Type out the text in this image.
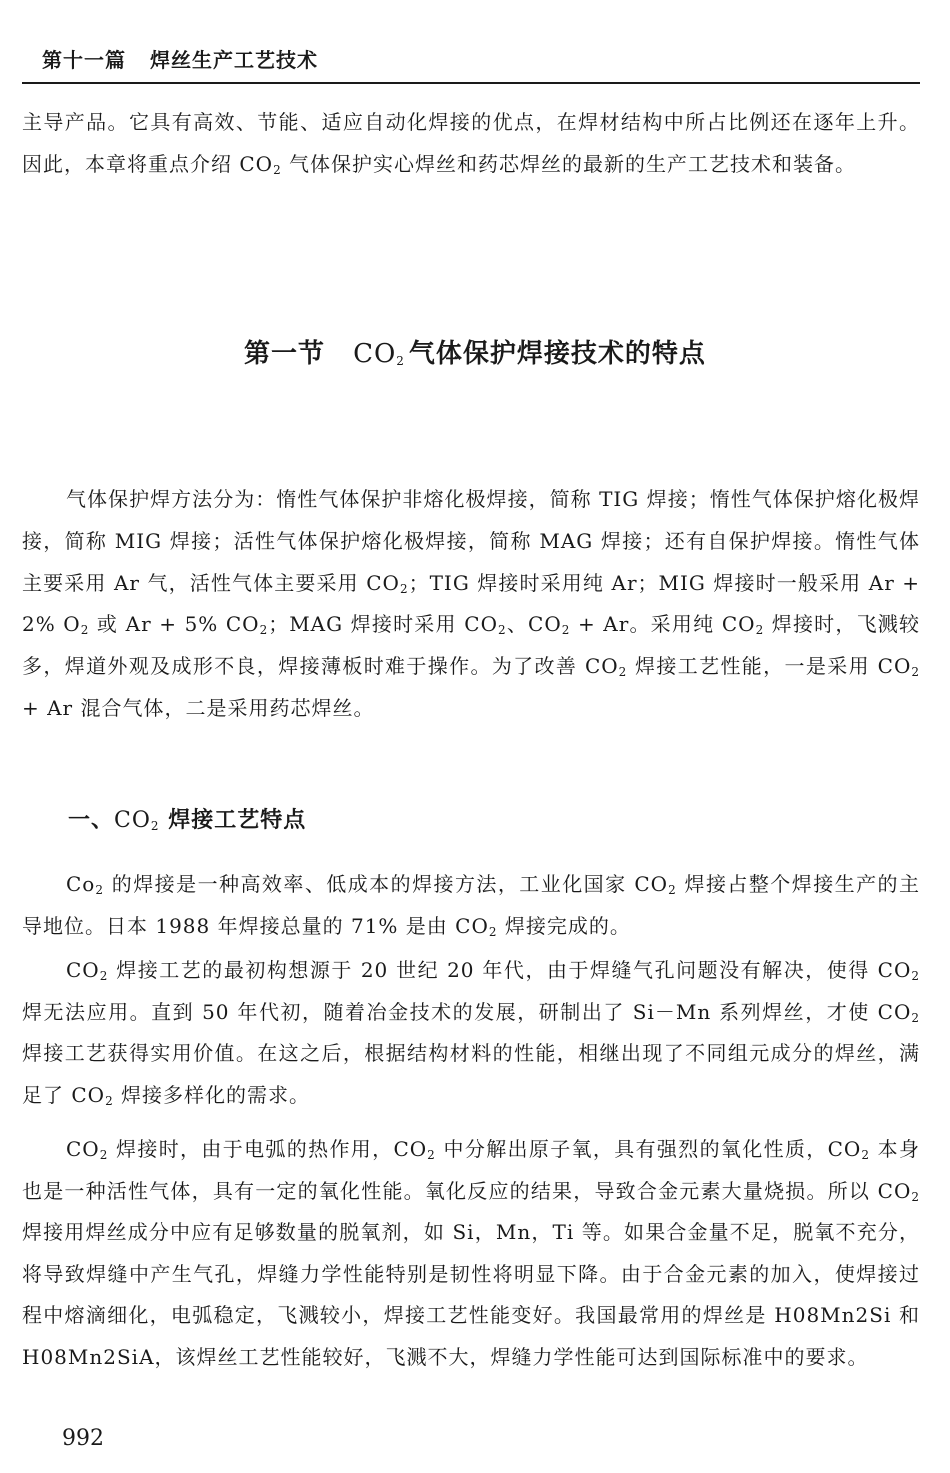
第十一篇 焊丝生产工艺技术

主导产品。它具有高效、节能、适应自动化焊接的优点，在焊材结构中所占比例还在逐年上升。因此，本章将重点介绍 $CO_2$ 气体保护实心焊丝和药芯焊丝的最新的生产工艺技术和装备。

第一节 $CO_2$ 气体保护焊接技术的特点

气体保护焊方法分为：惰性气体保护非熔化极焊接，简称 TIG 焊接；惰性气体保护熔化极焊接，简称 MIG 焊接；活性气体保护熔化极焊接，简称 MAG 焊接；还有自保护焊接。惰性气体主要采用 Ar 气，活性气体主要采用 $CO_2$；TIG 焊接时采用纯 Ar；MIG 焊接时一般采用 Ar + 2% $O_2$ 或 Ar + 5% $CO_2$；MAG 焊接时采用 $CO_2$、$CO_2 + Ar$。采用纯 $CO_2$ 焊接时，飞溅较多，焊道外观及成形不良，焊接薄板时难于操作。为了改善 $CO_2$ 焊接工艺性能，一是采用 $CO_2 + Ar$ 混合气体，二是采用药芯焊丝。

一、$CO_2$ 焊接工艺特点

$Co_2$ 的焊接是一种高效率、低成本的焊接方法，工业化国家 $CO_2$ 焊接占整个焊接生产的主导地位。日本 1988 年焊接总量的 71% 是由 $CO_2$ 焊接完成的。

$CO_2$ 焊接工艺的最初构想源于 20 世纪 20 年代，由于焊缝气孔问题没有解决，使得 $CO_2$ 焊无法应用。直到 50 年代初，随着冶金技术的发展，研制出了 Si－Mn 系列焊丝，才使 $CO_2$ 焊接工艺获得实用价值。在这之后，根据结构材料的性能，相继出现了不同组元成分的焊丝，满足了 $CO_2$ 焊接多样化的需求。

$CO_2$ 焊接时，由于电弧的热作用，$CO_2$ 中分解出原子氧，具有强烈的氧化性质，$CO_2$ 本身也是一种活性气体，具有一定的氧化性能。氧化反应的结果，导致合金元素大量烧损。所以 $CO_2$ 焊接用焊丝成分中应有足够数量的脱氧剂，如 Si，Mn，Ti 等。如果合金量不足，脱氧不充分，将导致焊缝中产生气孔，焊缝力学性能特别是韧性将明显下降。由于合金元素的加入，使焊接过程中熔滴细化，电弧稳定，飞溅较小，焊接工艺性能变好。我国最常用的焊丝是 H08Mn2Si 和 H08Mn2SiA，该焊丝工艺性能较好，飞溅不大，焊缝力学性能可达到国际标准中的要求。

992
